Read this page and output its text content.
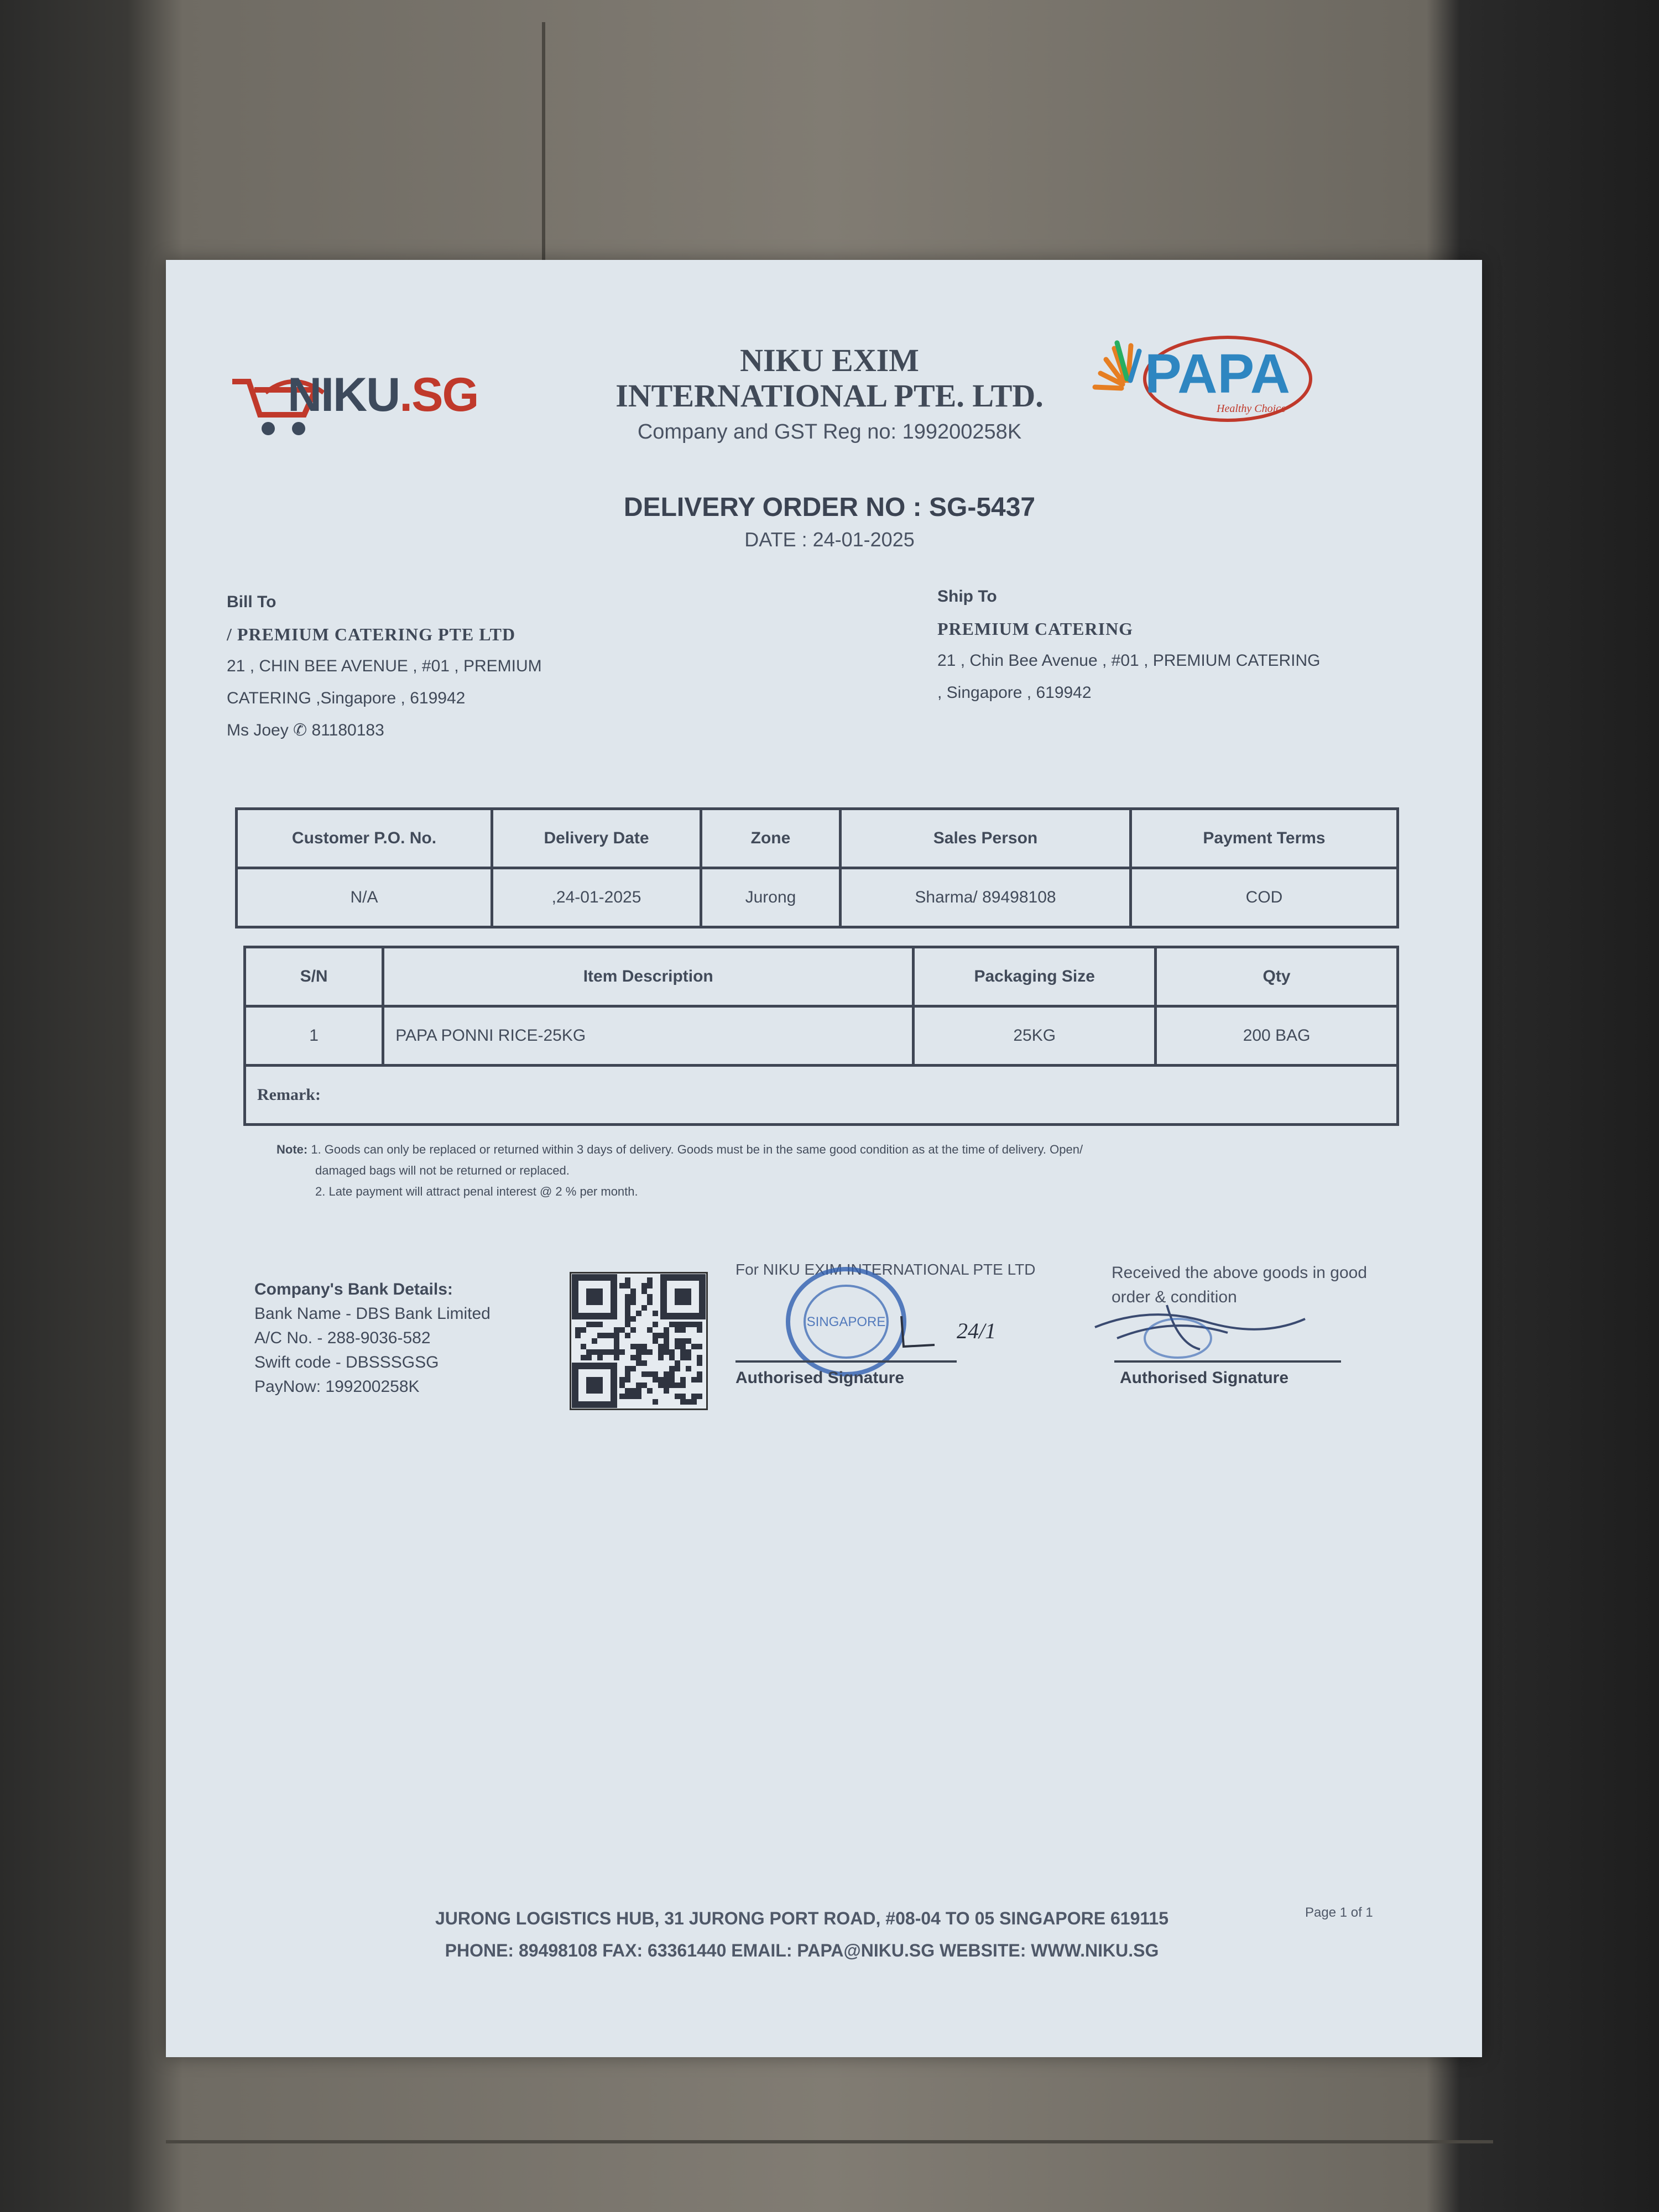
NIKU.SG	PAPA
Healthy Choice
NIKU EXIM
INTERNATIONAL PTE. LTD.
Company and GST Reg no: 199200258K
DELIVERY ORDER NO : SG-5437
DATE : 24-01-2025
Bill To
/ PREMIUM CATERING PTE LTD
21 , CHIN BEE AVENUE , #01 , PREMIUM
CATERING ,Singapore , 619942
Ms Joey ✆ 81180183
Ship To
PREMIUM CATERING
21 , Chin Bee Avenue , #01 , PREMIUM CATERING
, Singapore , 619942
Customer P.O. No.	Delivery Date	Zone	Sales Person	Payment Terms
N/A	,24-01-2025	Jurong	Sharma/ 89498108	COD
S/N	Item Description	Packaging Size	Qty
1	PAPA PONNI RICE-25KG	25KG	200 BAG
Remark:			
Note: 1. Goods can only be replaced or returned within 3 days of delivery. Goods must be in the same good condition as at the time of delivery. Open/
damaged bags will not be returned or replaced.
2. Late payment will attract penal interest @ 2 % per month.
Company's Bank Details:
Bank Name - DBS Bank Limited
A/C No. - 288-9036-582
Swift code - DBSSSGSG
PayNow: 199200258K
For NIKU EXIM INTERNATIONAL PTE LTD
SINGAPORE	24/1
Authorised Signature
Received the above goods in good order & condition
Authorised Signature
JURONG LOGISTICS HUB, 31 JURONG PORT ROAD, #08-04 TO 05 SINGAPORE 619115
PHONE: 89498108 FAX: 63361440 EMAIL: PAPA@NIKU.SG WEBSITE: WWW.NIKU.SG
Page 1 of 1
